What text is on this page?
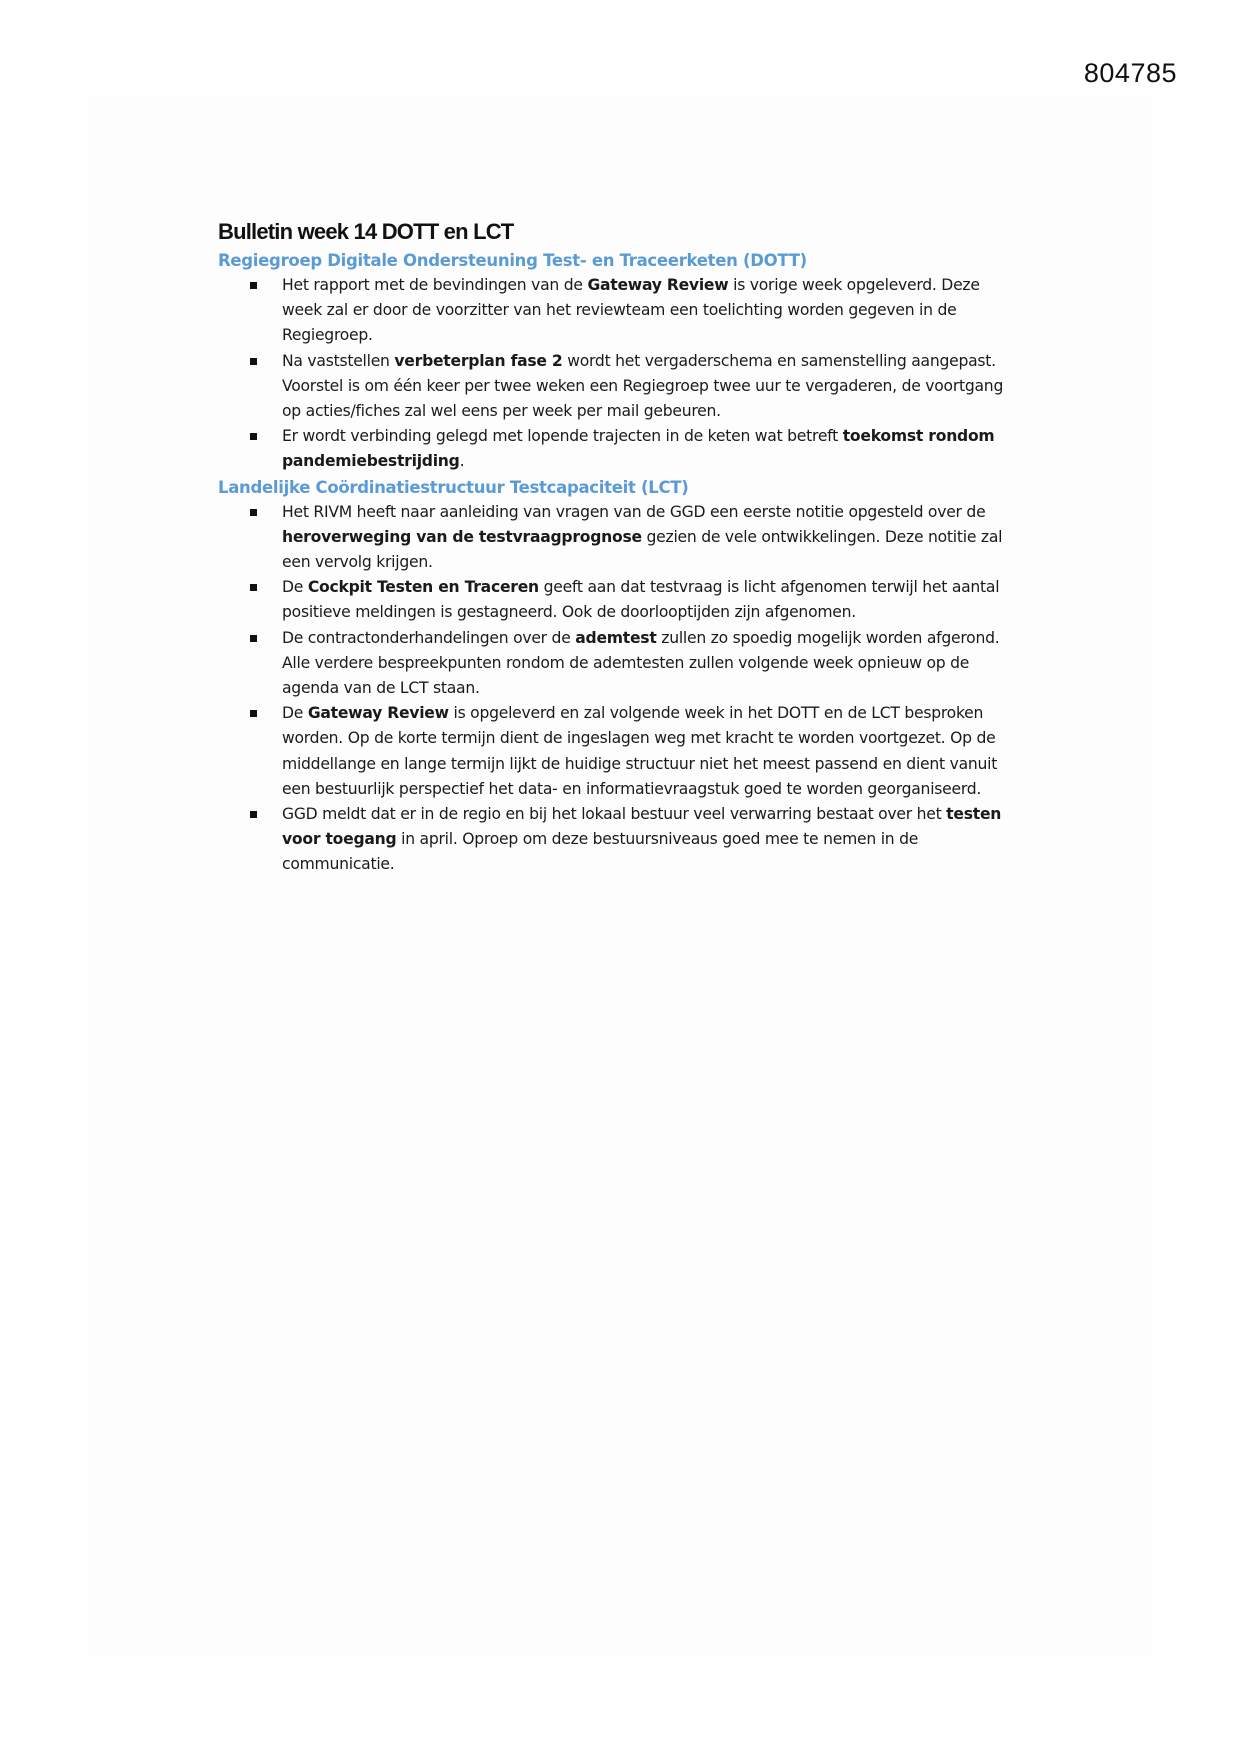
804785
Bulletin week 14 DOTT en LCT
Regiegroep Digitale Ondersteuning Test- en Traceerketen (DOTT)
Het rapport met de bevindingen van de Gateway Review is vorige week opgeleverd. Deze week zal er door de voorzitter van het reviewteam een toelichting worden gegeven in de Regiegroep.
Na vaststellen verbeterplan fase 2 wordt het vergaderschema en samenstelling aangepast. Voorstel is om één keer per twee weken een Regiegroep twee uur te vergaderen, de voortgang op acties/fiches zal wel eens per week per mail gebeuren.
Er wordt verbinding gelegd met lopende trajecten in de keten wat betreft toekomst rondom pandemiebestrijding.
Landelijke Coördinatiestructuur Testcapaciteit (LCT)
Het RIVM heeft naar aanleiding van vragen van de GGD een eerste notitie opgesteld over de heroverweging van de testvraagprognose gezien de vele ontwikkelingen. Deze notitie zal een vervolg krijgen.
De Cockpit Testen en Traceren geeft aan dat testvraag is licht afgenomen terwijl het aantal positieve meldingen is gestagneerd. Ook de doorlooptijden zijn afgenomen.
De contractonderhandelingen over de ademtest zullen zo spoedig mogelijk worden afgerond. Alle verdere bespreekpunten rondom de ademtesten zullen volgende week opnieuw op de agenda van de LCT staan.
De Gateway Review is opgeleverd en zal volgende week in het DOTT en de LCT besproken worden. Op de korte termijn dient de ingeslagen weg met kracht te worden voortgezet. Op de middellange en lange termijn lijkt de huidige structuur niet het meest passend en dient vanuit een bestuurlijk perspectief het data- en informatievraagstuk goed te worden georganiseerd.
GGD meldt dat er in de regio en bij het lokaal bestuur veel verwarring bestaat over het testen voor toegang in april. Oproep om deze bestuursniveaus goed mee te nemen in de communicatie.
